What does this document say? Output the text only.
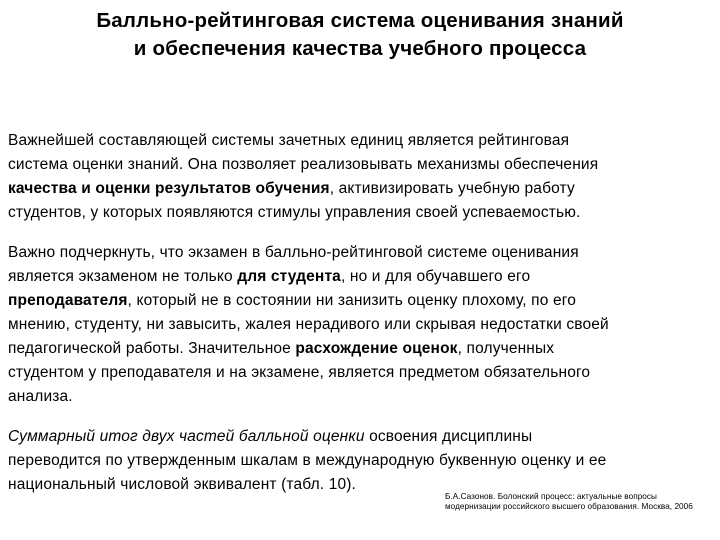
Балльно-рейтинговая система оценивания знаний
и обеспечения качества учебного процесса
Важнейшей составляющей системы зачетных единиц является рейтинговая
система оценки знаний. Она позволяет реализовывать механизмы обеспечения
качества и оценки результатов обучения, активизировать учебную работу
студентов, у которых появляются стимулы управления своей успеваемостью.
Важно подчеркнуть, что экзамен в балльно-рейтинговой системе оценивания
является экзаменом не только для студента, но и для обучавшего его
преподавателя, который не в состоянии ни занизить оценку плохому, по его
мнению, студенту, ни завысить, жалея нерадивого или скрывая недостатки своей
педагогической работы. Значительное расхождение оценок, полученных
студентом у преподавателя и на экзамене, является предметом обязательного
анализа.
Суммарный итог двух частей балльной оценки освоения дисциплины
переводится по утвержденным шкалам в международную буквенную оценку и ее
национальный числовой эквивалент (табл. 10).
Б.А.Сазонов. Болонский процесс: актуальные вопросы
модернизации российского высшего образования. Москва, 2006
